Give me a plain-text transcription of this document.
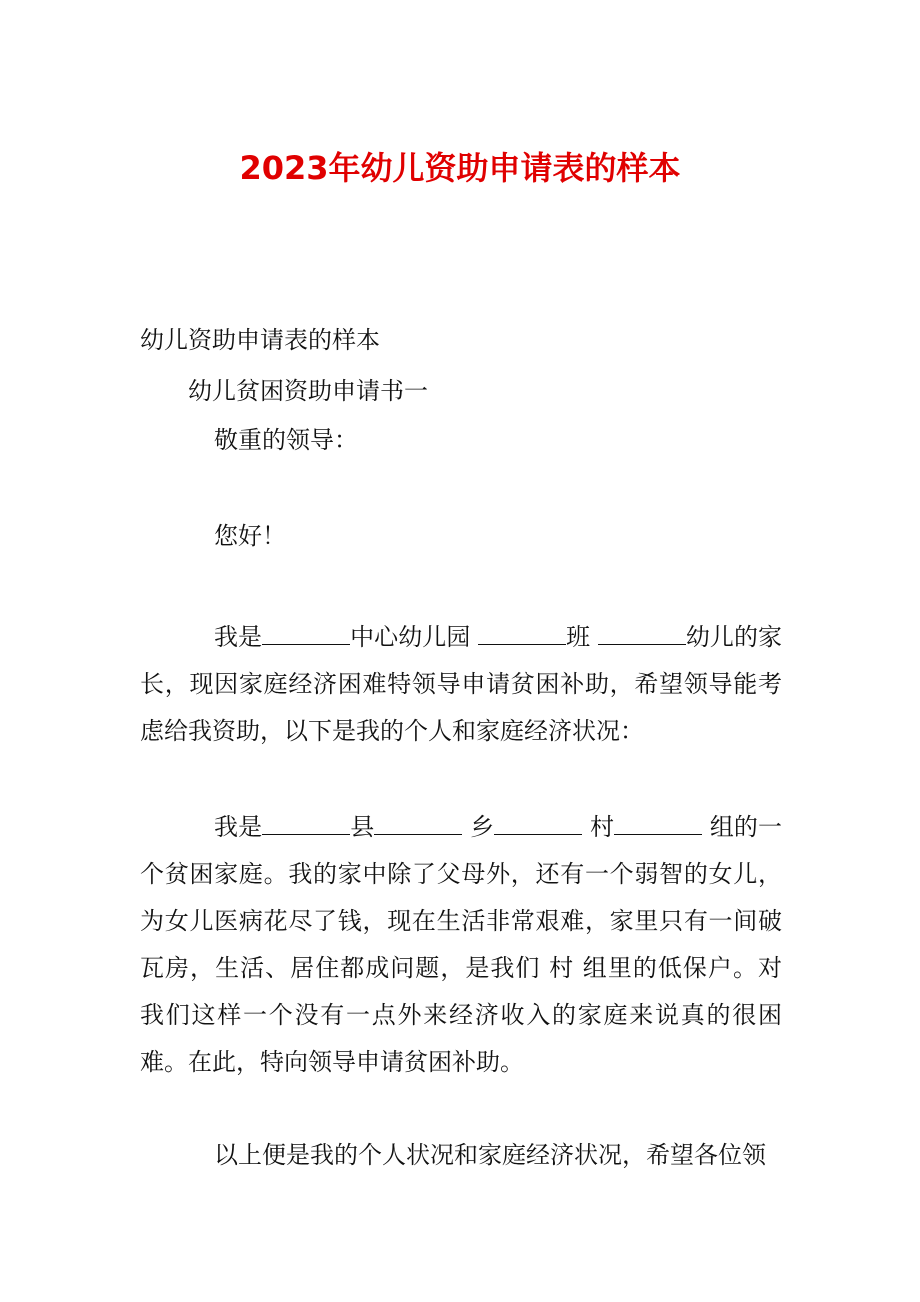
2023年幼儿资助申请表的样本
幼儿资助申请表的样本
幼儿贫困资助申请书一
敬重的领导：
您好！
我是	中心幼儿园	班	幼儿的家
长，现因家庭经济困难特领导申请贫困补助，希望领导能考
虑给我资助，以下是我的个人和家庭经济状况：
我是	县	乡	村	组的一
个贫困家庭。我的家中除了父母外，还有一个弱智的女儿，
为女儿医病花尽了钱，现在生活非常艰难，家里只有一间破
瓦房，生活、居住都成问题，是我们 村 组里的低保户。对
我们这样一个没有一点外来经济收入的家庭来说真的很困
难。在此，特向领导申请贫困补助。
以上便是我的个人状况和家庭经济状况，希望各位领
